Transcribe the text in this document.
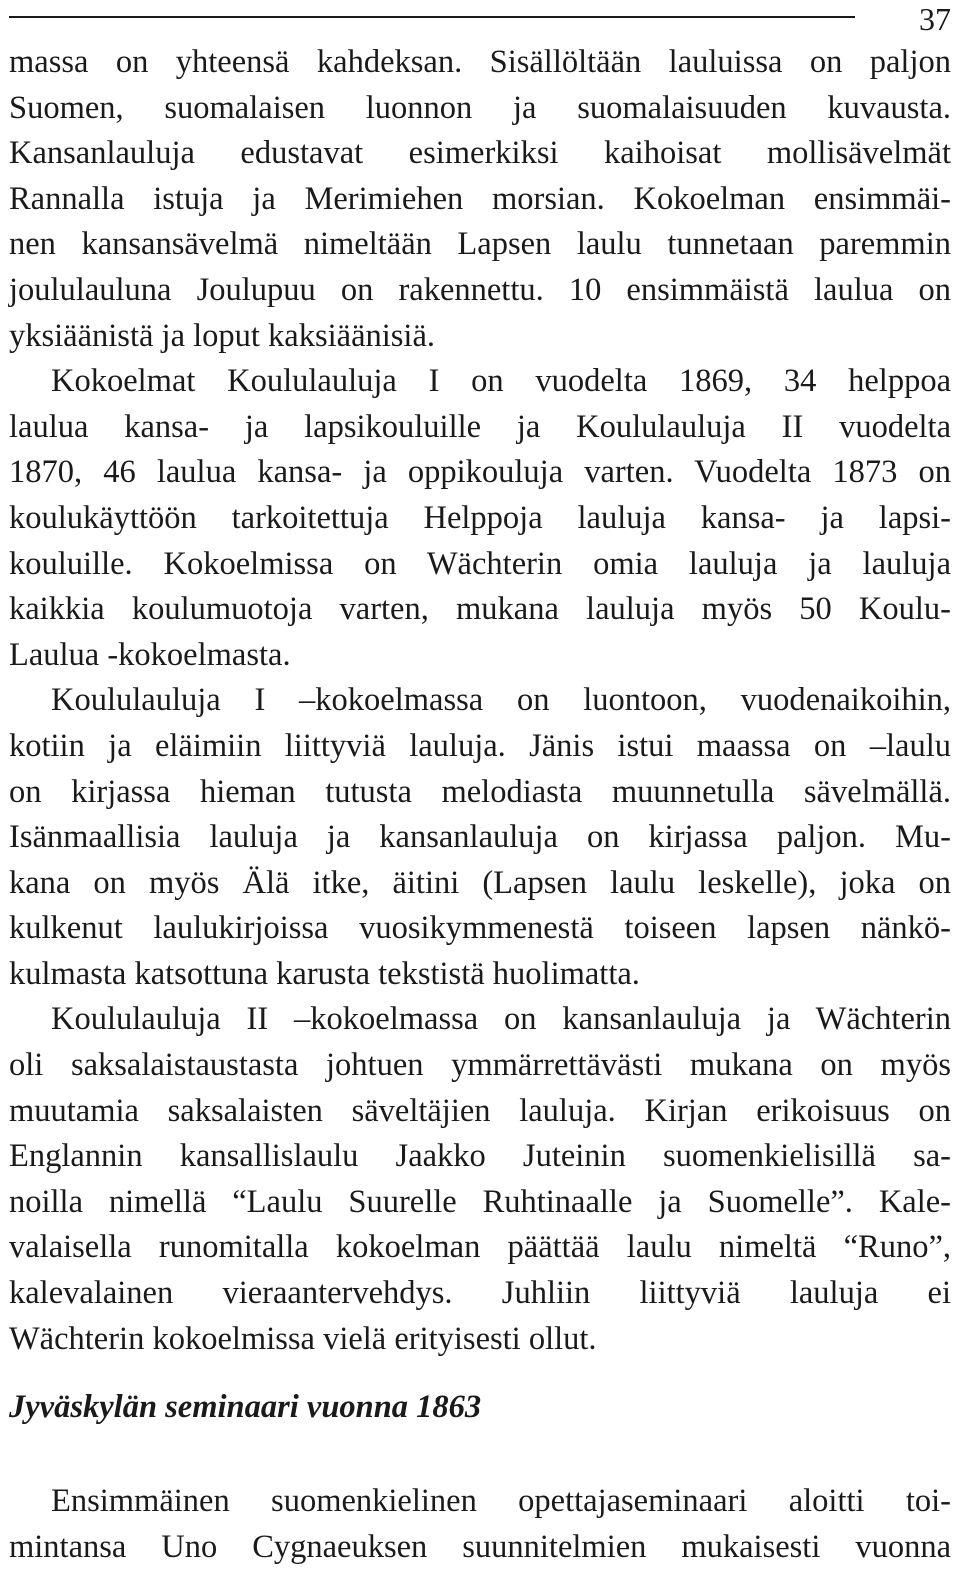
37
massa on yhteensä kahdeksan. Sisällöltään lauluissa on paljon
Suomen, suomalaisen luonnon ja suomalaisuuden kuvausta.
Kansanlauluja edustavat esimerkiksi kaihoisat mollisävelmät
Rannalla istuja ja Merimiehen morsian. Kokoelman ensimmäi-
nen kansansävelmä nimeltään Lapsen laulu tunnetaan paremmin
joululauluna Joulupuu on rakennettu. 10 ensimmäistä laulua on
yksiäänistä ja loput kaksiäänisiä.
Kokoelmat Koululauluja I on vuodelta 1869, 34 helppoa
laulua kansa- ja lapsikouluille ja Koululauluja II vuodelta
1870, 46 laulua kansa- ja oppikouluja varten. Vuodelta 1873 on
koulukäyttöön tarkoitettuja Helppoja lauluja kansa- ja lapsi-
kouluille. Kokoelmissa on Wächterin omia lauluja ja lauluja
kaikkia koulumuotoja varten, mukana lauluja myös 50 Koulu-
Laulua -kokoelmasta.
Koululauluja I –kokoelmassa on luontoon, vuodenaikoihin,
kotiin ja eläimiin liittyviä lauluja. Jänis istui maassa on –laulu
on kirjassa hieman tutusta melodiasta muunnetulla sävelmällä.
Isänmaallisia lauluja ja kansanlauluja on kirjassa paljon. Mu-
kana on myös Älä itke, äitini (Lapsen laulu leskelle), joka on
kulkenut laulukirjoissa vuosikymmenestä toiseen lapsen nänkö-
kulmasta katsottuna karusta tekstistä huolimatta.
Koululauluja II –kokoelmassa on kansanlauluja ja Wächterin
oli saksalaistaustasta johtuen ymmärrettävästi mukana on myös
muutamia saksalaisten säveltäjien lauluja. Kirjan erikoisuus on
Englannin kansallislaulu Jaakko Juteinin suomenkielisillä sa-
noilla nimellä “Laulu Suurelle Ruhtinaalle ja Suomelle”. Kale-
valaisella runomitalla kokoelman päättää laulu nimeltä “Runo”,
kalevalainen vieraantervehdys. Juhliin liittyviä lauluja ei
Wächterin kokoelmissa vielä erityisesti ollut.
Jyväskylän seminaari vuonna 1863
Ensimmäinen suomenkielinen opettajaseminaari aloitti toi-
mintansa Uno Cygnaeuksen suunnitelmien mukaisesti vuonna
